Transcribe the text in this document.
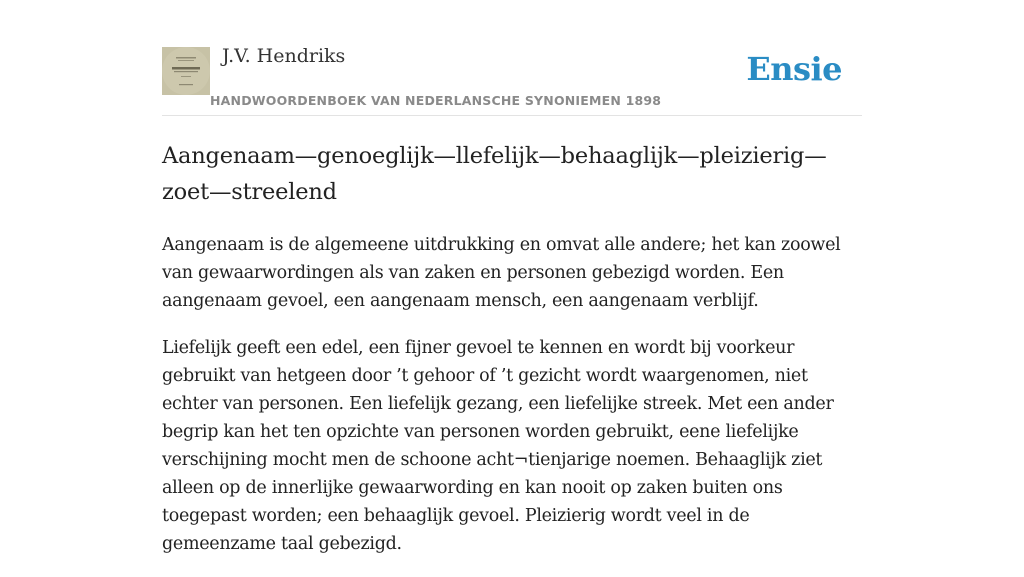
J.V. Hendriks
HANDWOORDENBOEK VAN NEDERLANSCHE SYNONIEMEN 1898
Ensie
Aangenaam—genoeglijk—llefelijk—behaaglijk—pleizierig—zoet—streelend

Aangenaam is de algemeene uitdrukking en omvat alle andere; het kan zoowel van gewaarwordingen als van zaken en personen gebezigd worden. Een aangenaam gevoel, een aangenaam mensch, een aangenaam verblijf.

Liefelijk geeft een edel, een fijner gevoel te kennen en wordt bij voorkeur gebruikt van hetgeen door ’t gehoor of ’t gezicht wordt waargenomen, niet echter van personen. Een liefelijk gezang, een liefelijke streek. Met een ander begrip kan het ten opzichte van personen worden gebruikt, eene liefelijke verschijning mocht men de schoone acht¬tienjarige noemen. Behaaglijk ziet alleen op de innerlijke gewaarwording en kan nooit op zaken buiten ons toegepast worden; een behaaglijk gevoel. Pleizierig wordt veel in de gemeenzame taal gebezigd.
